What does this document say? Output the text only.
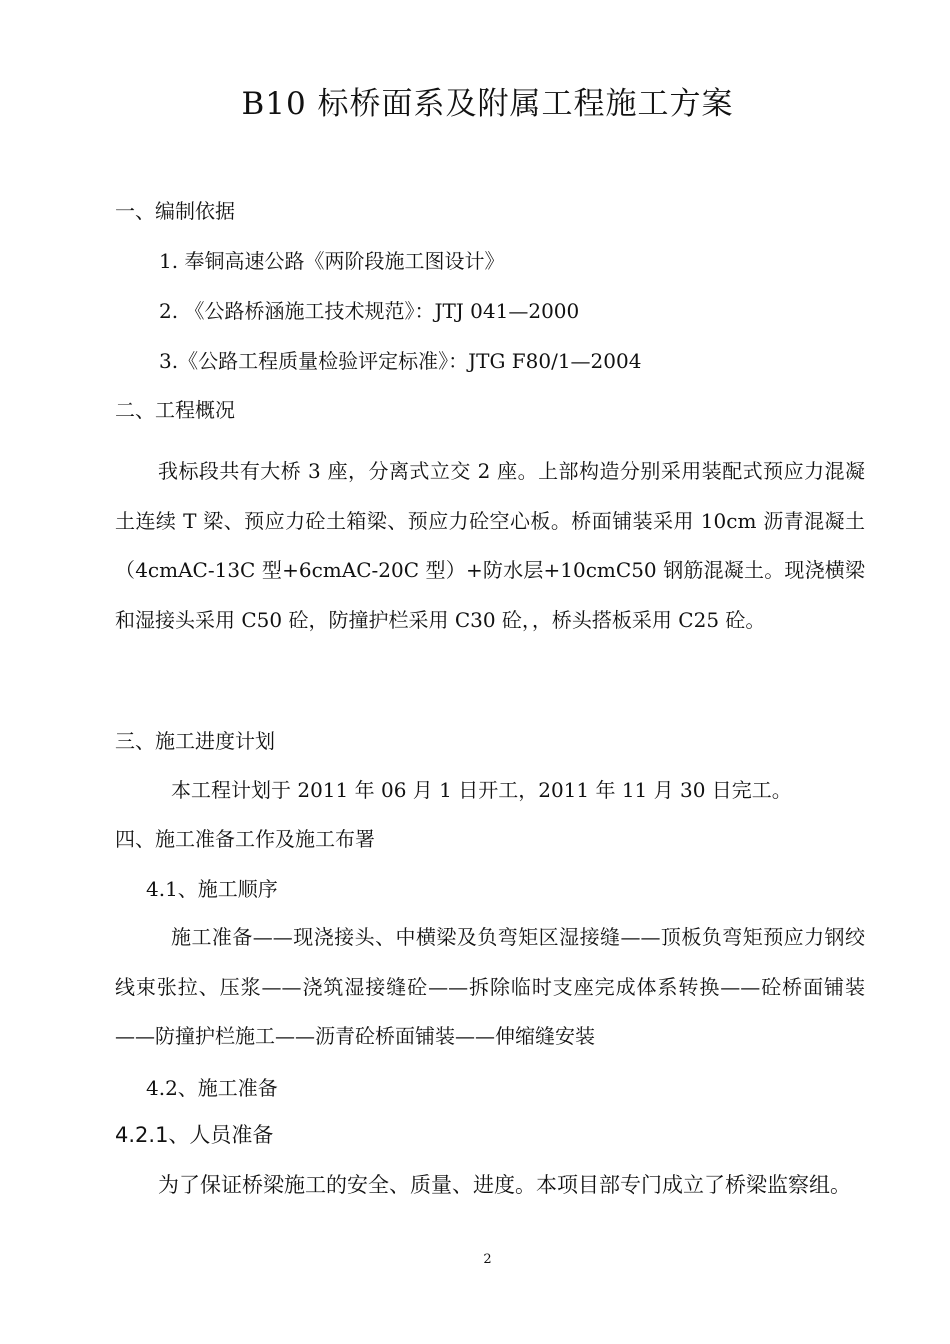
B10 标桥面系及附属工程施工方案
一、编制依据
1. 奉铜高速公路《两阶段施工图设计》
2. 《公路桥涵施工技术规范》：JTJ 041—2000
3.《公路工程质量检验评定标准》：JTG F80/1—2004
二、工程概况
我标段共有大桥 3 座，分离式立交 2 座。上部构造分别采用装配式预应力混凝土连续 T 梁、预应力砼土箱梁、预应力砼空心板。桥面铺装采用 10cm 沥青混凝土（4cmAC-13C 型+6cmAC-20C 型）+防水层+10cmC50 钢筋混凝土。现浇横梁和湿接头采用 C50 砼，防撞护栏采用 C30 砼，，桥头搭板采用 C25 砼。
三、施工进度计划
本工程计划于 2011 年 06 月 1 日开工，2011 年 11 月 30 日完工。
四、施工准备工作及施工布署
4.1、施工顺序
施工准备——现浇接头、中横梁及负弯矩区湿接缝——顶板负弯矩预应力钢绞线束张拉、压浆——浇筑湿接缝砼——拆除临时支座完成体系转换——砼桥面铺装——防撞护栏施工——沥青砼桥面铺装——伸缩缝安装
4.2、施工准备
4.2.1、人员准备
为了保证桥梁施工的安全、质量、进度。本项目部专门成立了桥梁监察组。
2
